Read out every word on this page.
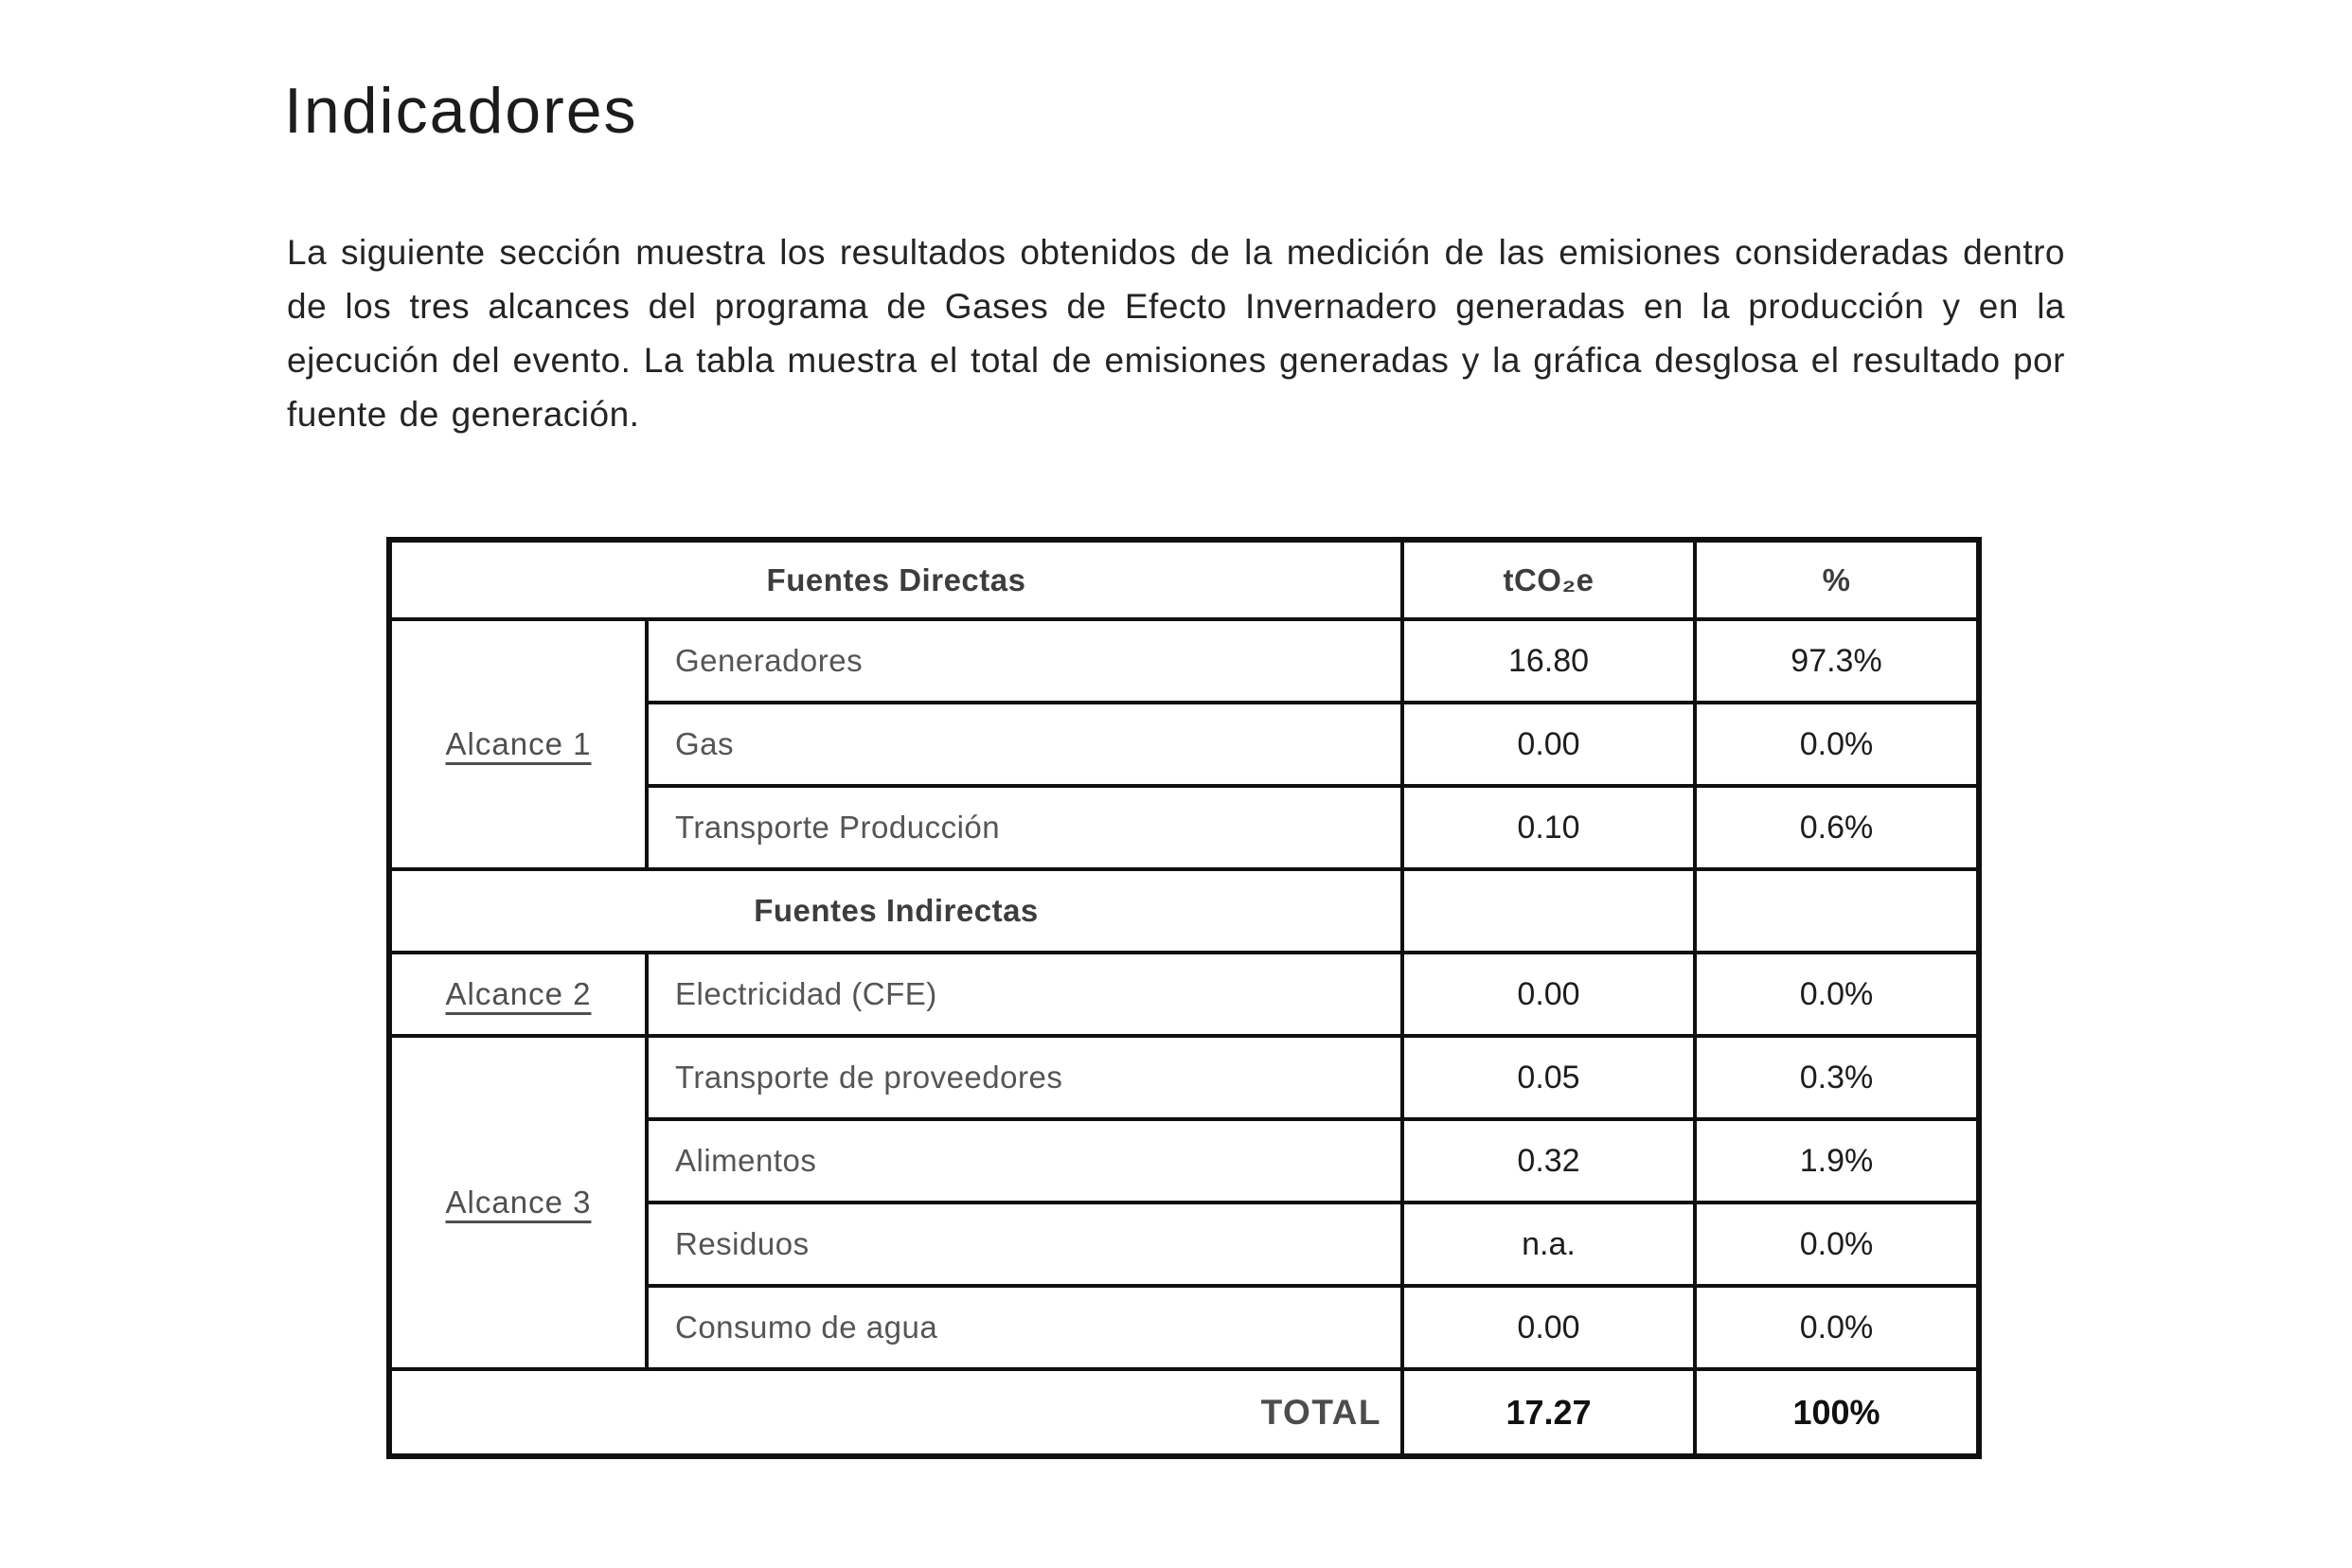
Indicadores

La siguiente sección muestra los resultados obtenidos de la medición de las emisiones consideradas dentro de los tres alcances del programa de Gases de Efecto Invernadero generadas en la producción y en la ejecución del evento. La tabla muestra el total de emisiones generadas y la gráfica desglosa el resultado por fuente de generación.

Fuentes Directas		tCO₂e	%
Alcance 1	Generadores	16.80	97.3%
	Gas	0.00	0.0%
	Transporte Producción	0.10	0.6%
Fuentes Indirectas			
Alcance 2	Electricidad (CFE)	0.00	0.0%
Alcance 3	Transporte de proveedores	0.05	0.3%
	Alimentos	0.32	1.9%
	Residuos	n.a.	0.0%
	Consumo de agua	0.00	0.0%
TOTAL		17.27	100%
